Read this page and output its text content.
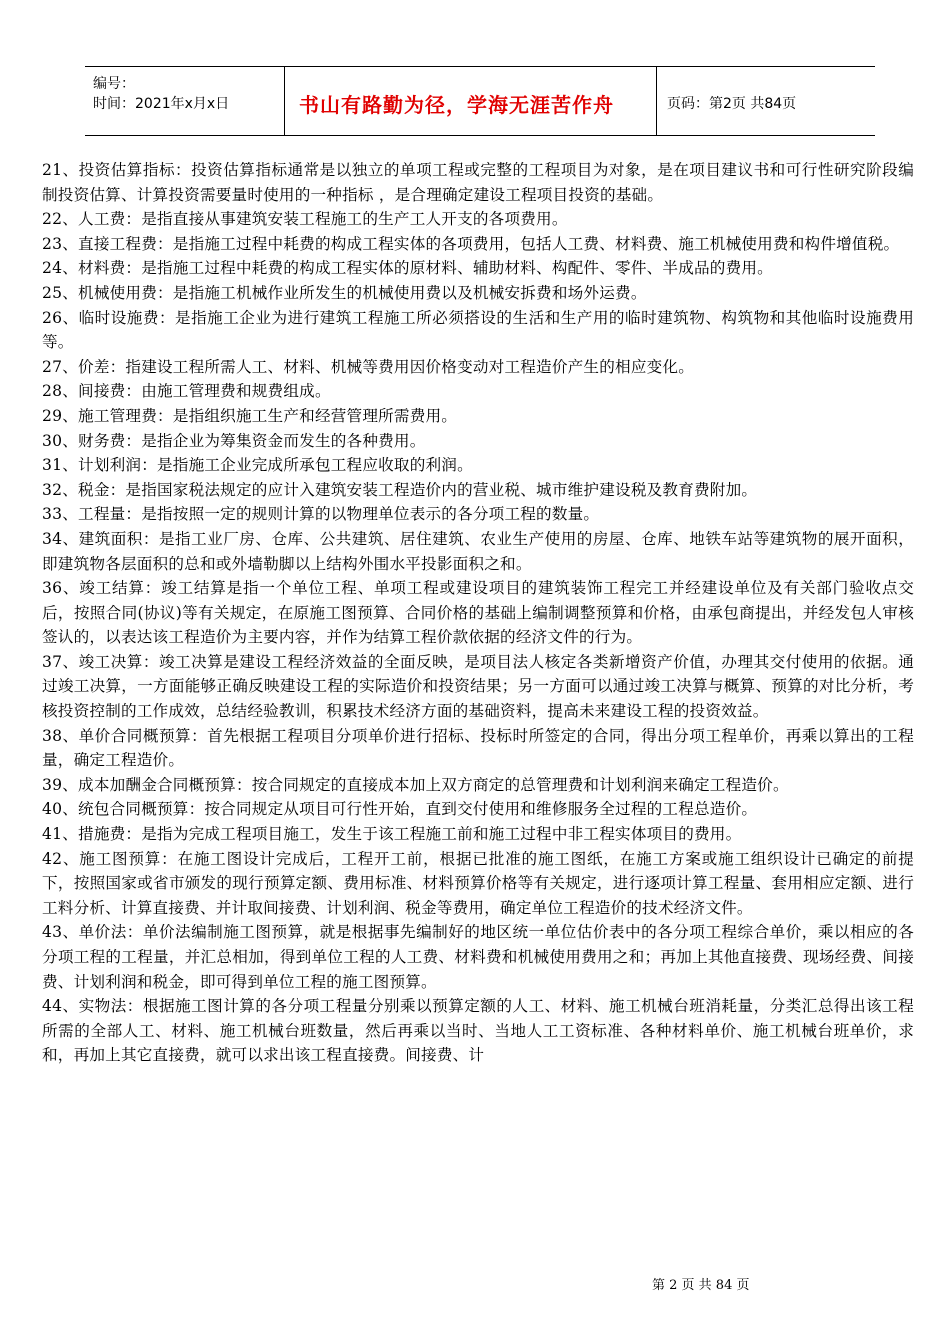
编号：
时间：2021年x月x日	书山有路勤为径，学海无涯苦作舟	页码：第2页 共84页

21、投资估算指标：投资估算指标通常是以独立的单项工程或完整的工程项目为对象，是在项目建议书和可行性研究阶段编制投资估算、计算投资需要量时使用的一种指标 ，是合理确定建设工程项目投资的基础。

22、人工费：是指直接从事建筑安装工程施工的生产工人开支的各项费用。

23、直接工程费：是指施工过程中耗费的构成工程实体的各项费用，包括人工费、材料费、施工机械使用费和构件增值税。

24、材料费：是指施工过程中耗费的构成工程实体的原材料、辅助材料、构配件、零件、半成品的费用。

25、机械使用费：是指施工机械作业所发生的机械使用费以及机械安拆费和场外运费。

26、临时设施费：是指施工企业为进行建筑工程施工所必须搭设的生活和生产用的临时建筑物、构筑物和其他临时设施费用等。

27、价差：指建设工程所需人工、材料、机械等费用因价格变动对工程造价产生的相应变化。

28、间接费：由施工管理费和规费组成。

29、施工管理费：是指组织施工生产和经营管理所需费用。

30、财务费：是指企业为筹集资金而发生的各种费用。

31、计划利润：是指施工企业完成所承包工程应收取的利润。

32、税金：是指国家税法规定的应计入建筑安装工程造价内的营业税、城市维护建设税及教育费附加。

33、工程量：是指按照一定的规则计算的以物理单位表示的各分项工程的数量。

34、建筑面积：是指工业厂房、仓库、公共建筑、居住建筑、农业生产使用的房屋、仓库、地铁车站等建筑物的展开面积，即建筑物各层面积的总和或外墙勒脚以上结构外围水平投影面积之和。

36、竣工结算：竣工结算是指一个单位工程、单项工程或建设项目的建筑装饰工程完工并经建设单位及有关部门验收点交后，按照合同(协议)等有关规定，在原施工图预算、合同价格的基础上编制调整预算和价格，由承包商提出，并经发包人审核签认的，以表达该工程造价为主要内容，并作为结算工程价款依据的经济文件的行为。

37、竣工决算：竣工决算是建设工程经济效益的全面反映，是项目法人核定各类新增资产价值，办理其交付使用的依据。通过竣工决算，一方面能够正确反映建设工程的实际造价和投资结果；另一方面可以通过竣工决算与概算、预算的对比分析，考核投资控制的工作成效，总结经验教训，积累技术经济方面的基础资料，提高未来建设工程的投资效益。

38、单价合同概预算：首先根据工程项目分项单价进行招标、投标时所签定的合同，得出分项工程单价，再乘以算出的工程量，确定工程造价。

39、成本加酬金合同概预算：按合同规定的直接成本加上双方商定的总管理费和计划利润来确定工程造价。

40、统包合同概预算：按合同规定从项目可行性开始，直到交付使用和维修服务全过程的工程总造价。

41、措施费：是指为完成工程项目施工，发生于该工程施工前和施工过程中非工程实体项目的费用。

42、施工图预算：在施工图设计完成后，工程开工前，根据已批准的施工图纸，在施工方案或施工组织设计已确定的前提下，按照国家或省市颁发的现行预算定额、费用标准、材料预算价格等有关规定，进行逐项计算工程量、套用相应定额、进行工料分析、计算直接费、并计取间接费、计划利润、税金等费用，确定单位工程造价的技术经济文件。

43、单价法：单价法编制施工图预算，就是根据事先编制好的地区统一单位估价表中的各分项工程综合单价，乘以相应的各分项工程的工程量，并汇总相加，得到单位工程的人工费、材料费和机械使用费用之和；再加上其他直接费、现场经费、间接费、计划利润和税金，即可得到单位工程的施工图预算。

44、实物法：根据施工图计算的各分项工程量分别乘以预算定额的人工、材料、施工机械台班消耗量，分类汇总得出该工程所需的全部人工、材料、施工机械台班数量，然后再乘以当时、当地人工工资标准、各种材料单价、施工机械台班单价，求和，再加上其它直接费，就可以求出该工程直接费。间接费、计

第 2 页 共 84 页
